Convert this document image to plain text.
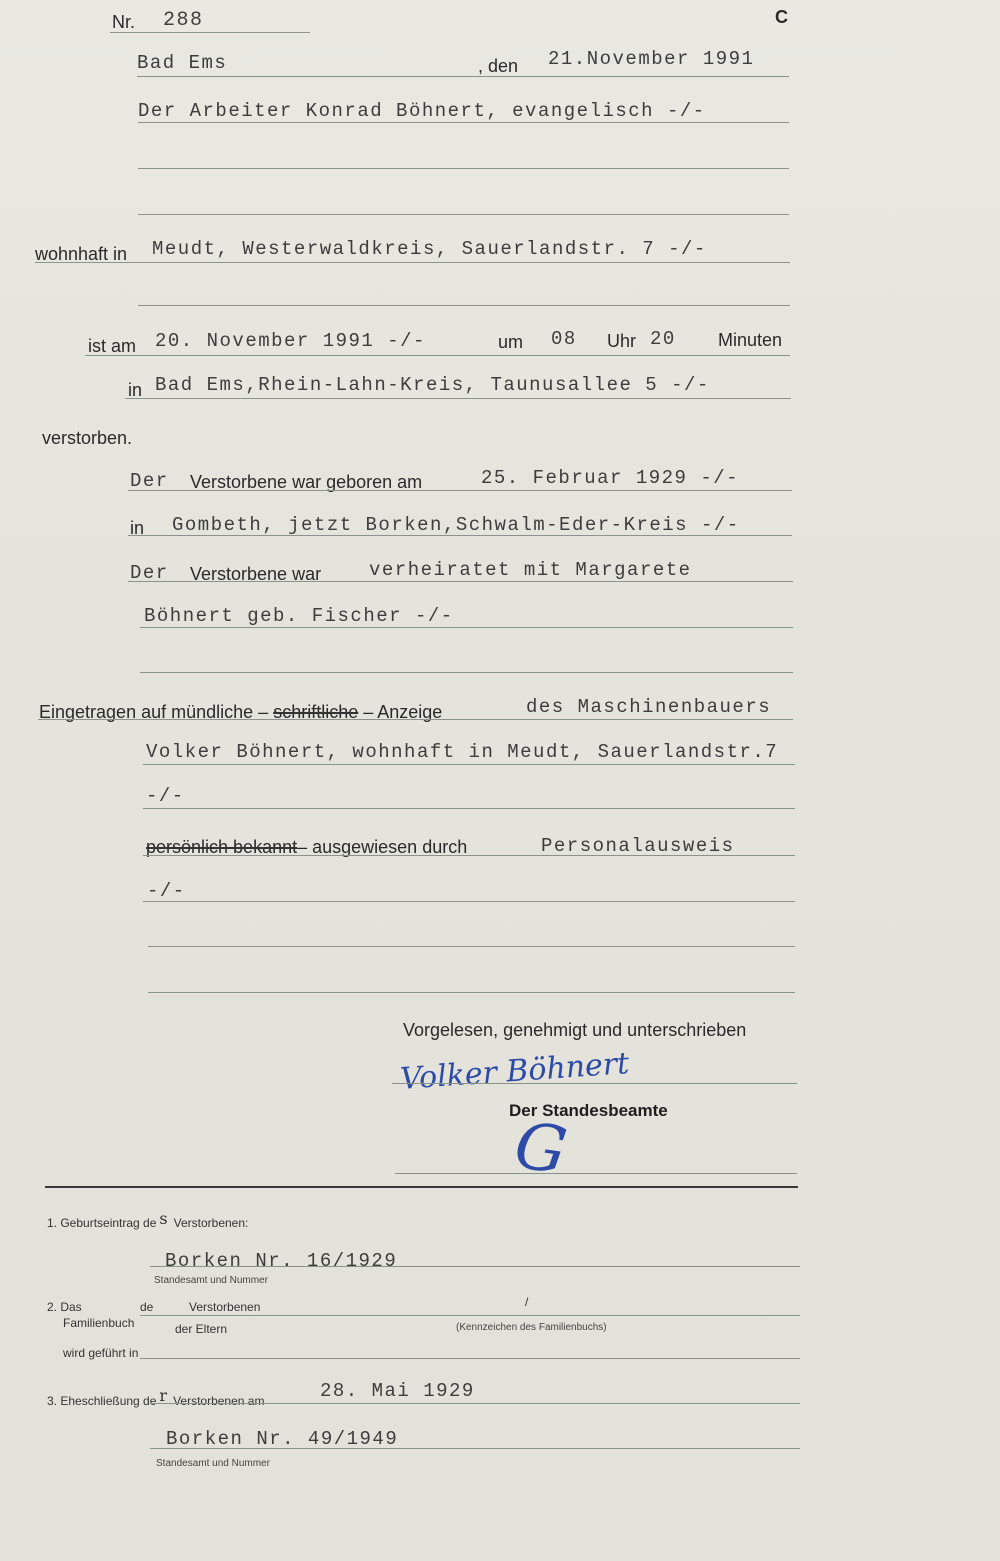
Nr. 288	C
Bad Ems	, den 21.November 1991
Der Arbeiter Konrad Böhnert, evangelisch -/-
wohnhaft in Meudt, Westerwaldkreis, Sauerlandstr. 7 -/-
ist am 20. November 1991 -/-	um 08 Uhr 20 Minuten
in Bad Ems,Rhein-Lahn-Kreis, Taunusallee 5 -/-
verstorben.
Der Verstorbene war geboren am	25. Februar 1929 -/-
in Gombeth, jetzt Borken,Schwalm-Eder-Kreis -/-
Der Verstorbene war	verheiratet mit Margarete
Böhnert geb. Fischer -/-
Eingetragen auf mündliche – schriftliche – Anzeige	des Maschinenbauers
Volker Böhnert, wohnhaft in Meudt, Sauerlandstr.7
-/-
persönlich bekannt– ausgewiesen durch	Personalausweis
-/-
Vorgelesen, genehmigt und unterschrieben
Volker Böhnert
Der Standesbeamte
G
1. Geburtseintrag de s Verstorbenen:
Borken Nr. 16/1929
Standesamt und Nummer
2. Das
Familienbuch
de	Verstorbenen
der Eltern
/
(Kennzeichen des Familienbuchs)
wird geführt in
3. Eheschließung de r Verstorbenen am	28. Mai 1929
Borken Nr. 49/1949
Standesamt und Nummer
